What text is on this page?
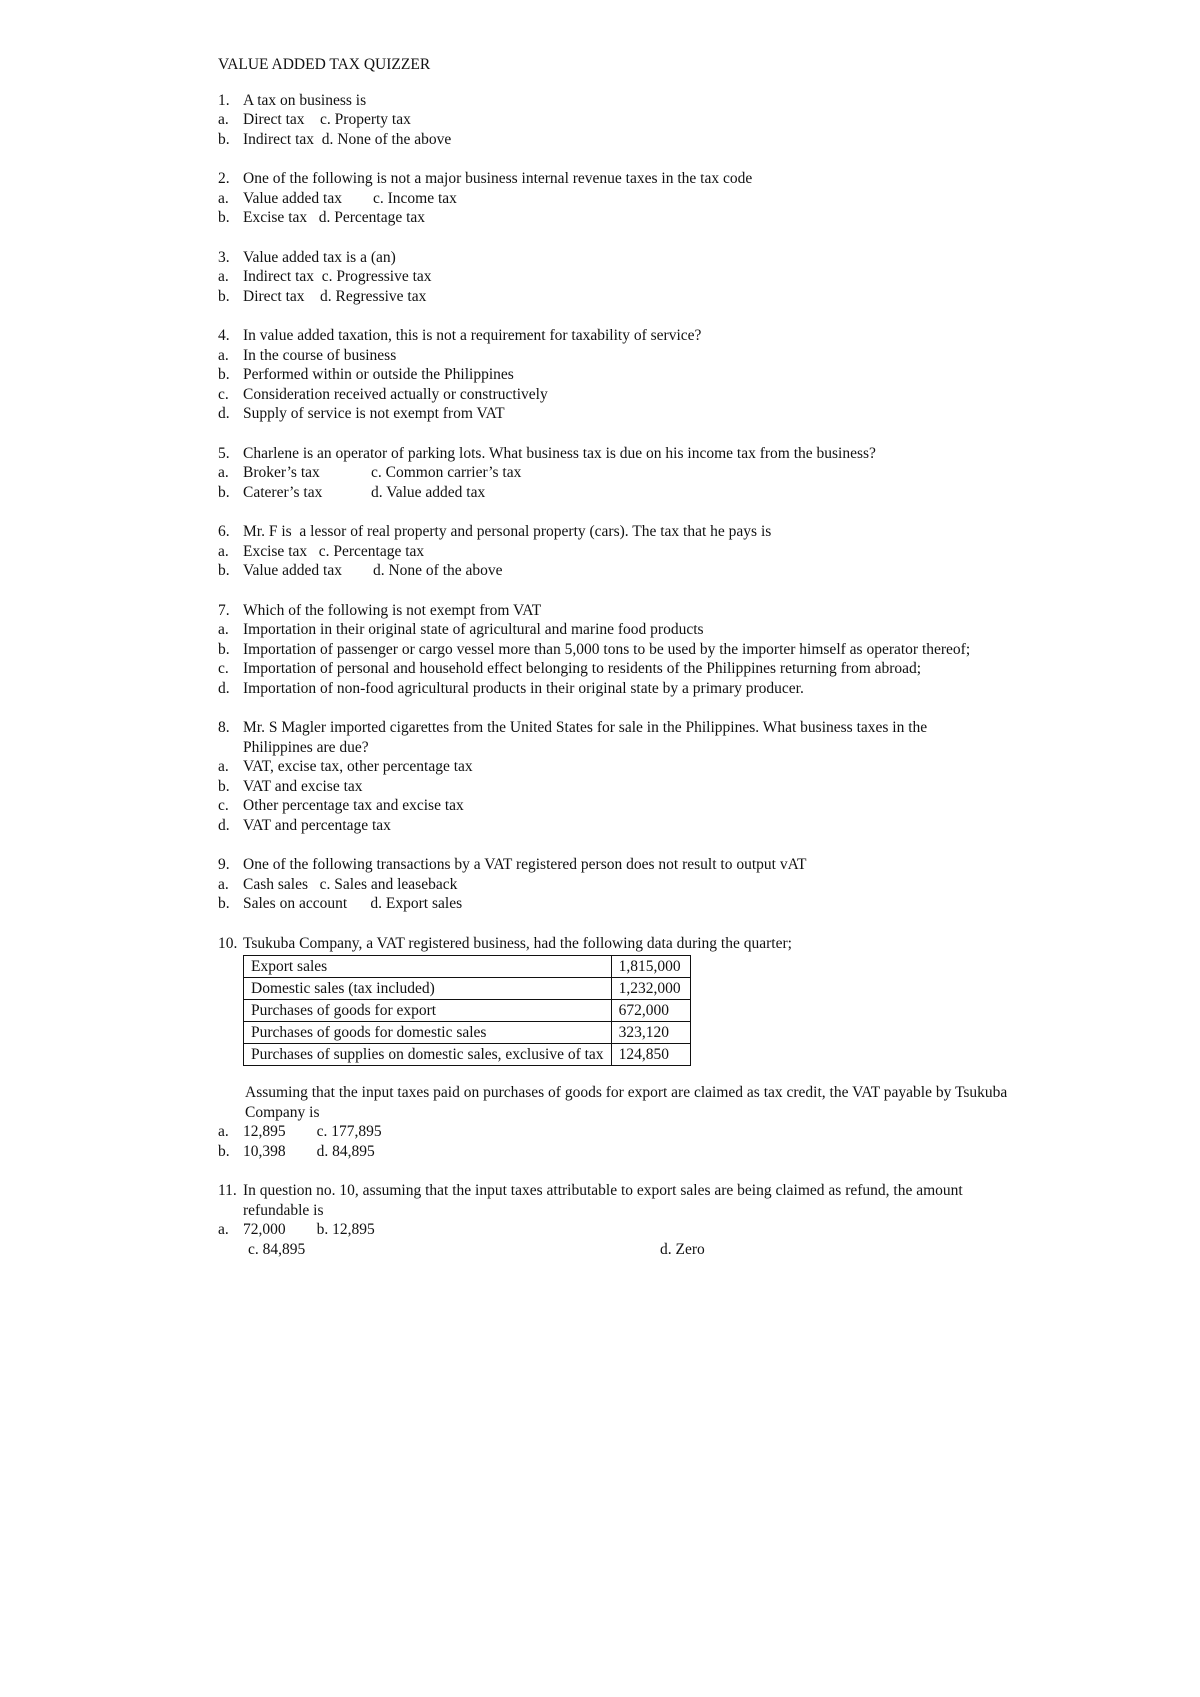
VALUE ADDED TAX QUIZZER
1. A tax on business is
a. Direct tax    c. Property tax
b. Indirect tax  d. None of the above
2. One of the following is not a major business internal revenue taxes in the tax code
a. Value added tax        c. Income tax
b. Excise tax   d. Percentage tax
3. Value added tax is a (an)
a. Indirect tax  c. Progressive tax
b. Direct tax    d. Regressive tax
4. In value added taxation, this is not a requirement for taxability of service?
a. In the course of business
b. Performed within or outside the Philippines
c. Consideration received actually or constructively
d. Supply of service is not exempt from VAT
5. Charlene is an operator of parking lots. What business tax is due on his income tax from the business?
a. Broker’s tax	c. Common carrier’s tax
b. Caterer’s tax	d. Value added tax
6. Mr. F is  a lessor of real property and personal property (cars). The tax that he pays is
a. Excise tax   c. Percentage tax
b. Value added tax        d. None of the above
7. Which of the following is not exempt from VAT
a. Importation in their original state of agricultural and marine food products
b. Importation of passenger or cargo vessel more than 5,000 tons to be used by the importer himself as operator thereof;
c. Importation of personal and household effect belonging to residents of the Philippines returning from abroad;
d. Importation of non-food agricultural products in their original state by a primary producer.
8. Mr. S Magler imported cigarettes from the United States for sale in the Philippines. What business taxes in the Philippines are due?
a. VAT, excise tax, other percentage tax
b. VAT and excise tax
c. Other percentage tax and excise tax
d. VAT and percentage tax
9. One of the following transactions by a VAT registered person does not result to output vAT
a. Cash sales   c. Sales and leaseback
b. Sales on account      d. Export sales
10. Tsukuba Company, a VAT registered business, had the following data during the quarter;
Export sales	1,815,000
Domestic sales (tax included)	1,232,000
Purchases of goods for export	672,000
Purchases of goods for domestic sales	323,120
Purchases of supplies on domestic sales, exclusive of tax	124,850
Assuming that the input taxes paid on purchases of goods for export are claimed as tax credit, the VAT payable by Tsukuba Company is
a. 12,895        c. 177,895
b. 10,398        d. 84,895
11. In question no. 10, assuming that the input taxes attributable to export sales are being claimed as refund, the amount refundable is
a. 72,000        b. 12,895
c. 84,895	d. Zero
